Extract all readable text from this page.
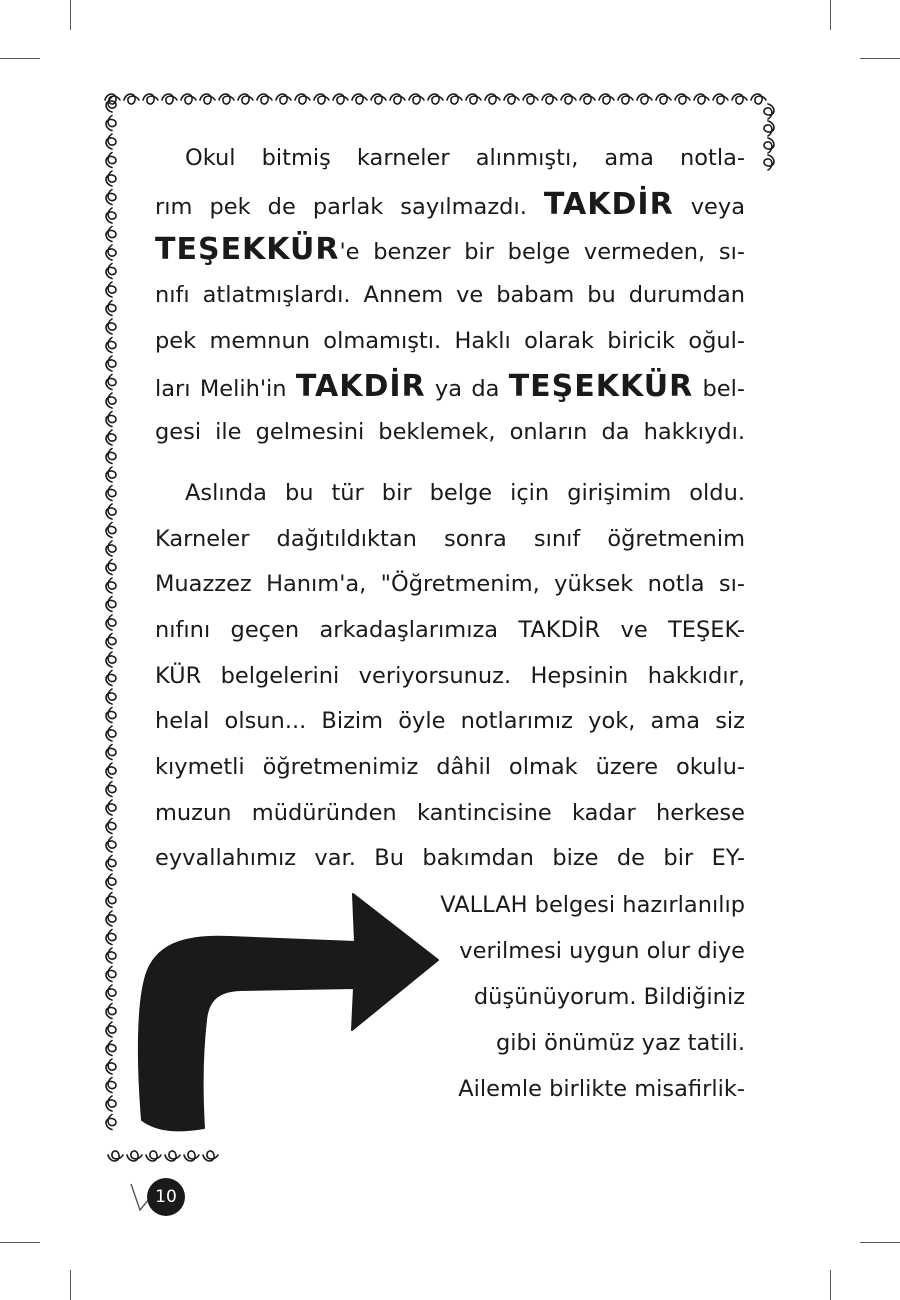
Okul bitmiş karneler alınmıştı, ama notla-
rım pek de parlak sayılmazdı. TAKDİR veya
TEŞEKKÜR'e benzer bir belge vermeden, sı-
nıfı atlatmışlardı. Annem ve babam bu durumdan
pek memnun olmamıştı. Haklı olarak biricik oğul-
ları Melih'in TAKDİR ya da TEŞEKKÜR bel-
gesi ile gelmesini beklemek, onların da hakkıydı.
Aslında bu tür bir belge için girişimim oldu.
Karneler dağıtıldıktan sonra sınıf öğretmenim
Muazzez Hanım'a, "Öğretmenim, yüksek notla sı-
nıfını geçen arkadaşlarımıza TAKDİR ve TEŞEK-
KÜR belgelerini veriyorsunuz. Hepsinin hakkıdır,
helal olsun... Bizim öyle notlarımız yok, ama siz
kıymetli öğretmenimiz dâhil olmak üzere okulu-
muzun müdüründen kantincisine kadar herkese
eyvallahımız var. Bu bakımdan bize de bir EY-
VALLAH belgesi hazırlanılıp
verilmesi uygun olur diye
düşünüyorum. Bildiğiniz
gibi önümüz yaz tatili.
Ailemle birlikte misafirlik-
10
